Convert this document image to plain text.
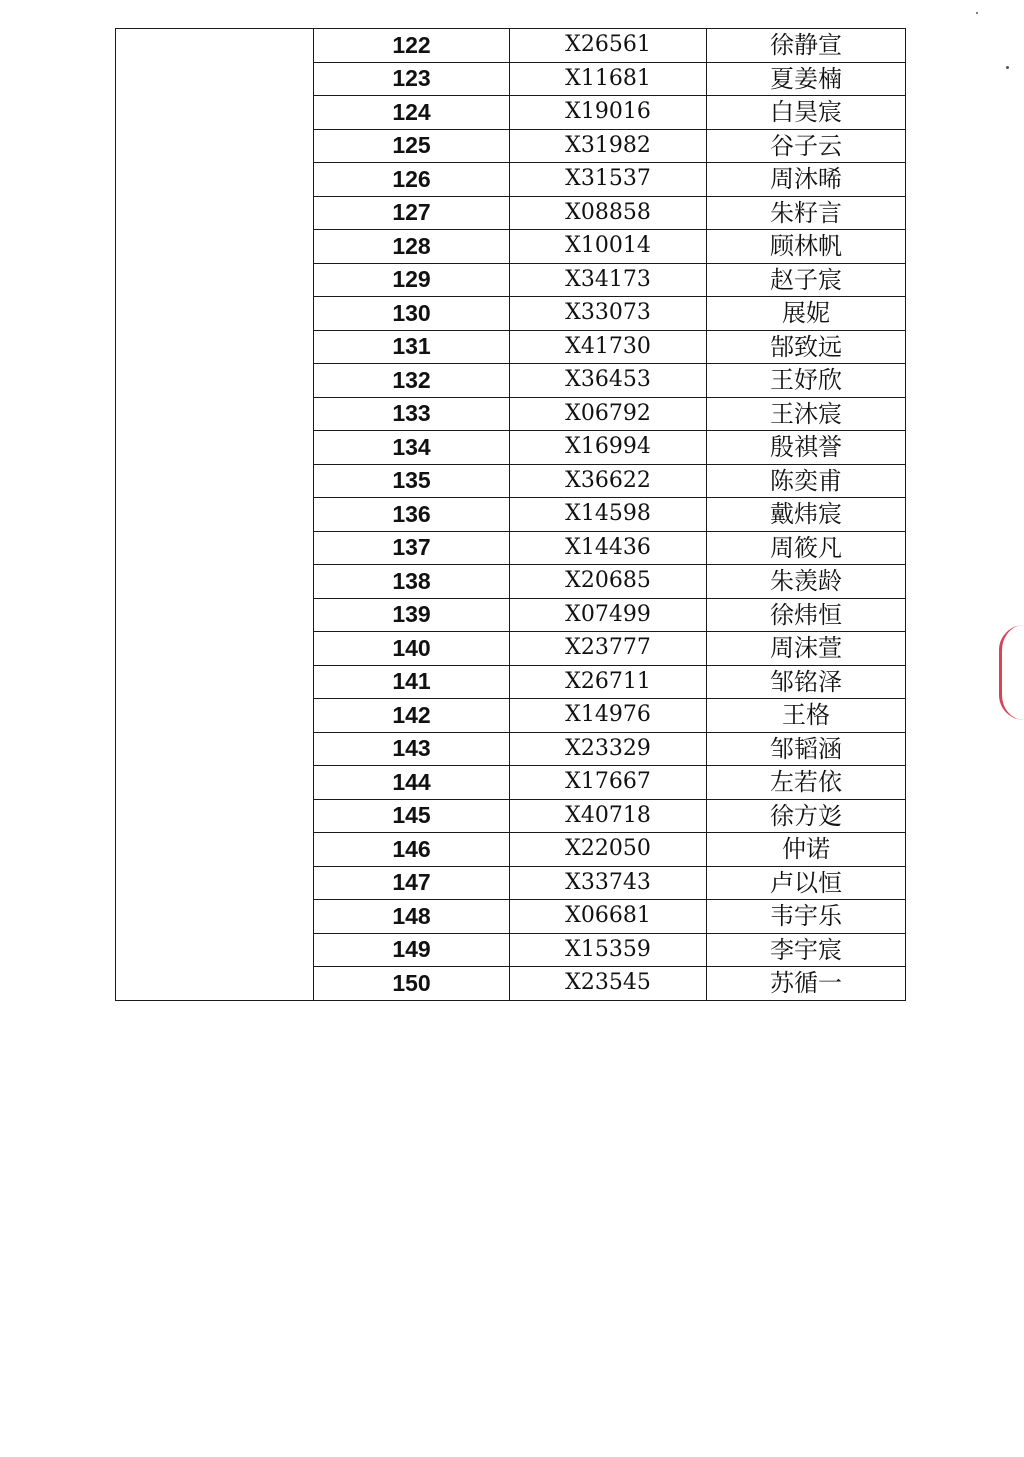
	122	X26561	徐静宣
	123	X11681	夏姜楠
	124	X19016	白昊宸
	125	X31982	谷子云
	126	X31537	周沐晞
	127	X08858	朱籽言
	128	X10014	顾林帆
	129	X34173	赵子宸
	130	X33073	展妮
	131	X41730	郜致远
	132	X36453	王妤欣
	133	X06792	王沐宸
	134	X16994	殷祺誉
	135	X36622	陈奕甫
	136	X14598	戴炜宸
	137	X14436	周筱凡
	138	X20685	朱羡龄
	139	X07499	徐炜恒
	140	X23777	周沫萱
	141	X26711	邹铭泽
	142	X14976	王格
	143	X23329	邹韬涵
	144	X17667	左若依
	145	X40718	徐方彣
	146	X22050	仲诺
	147	X33743	卢以恒
	148	X06681	韦宇乐
	149	X15359	李宇宸
	150	X23545	苏循一
